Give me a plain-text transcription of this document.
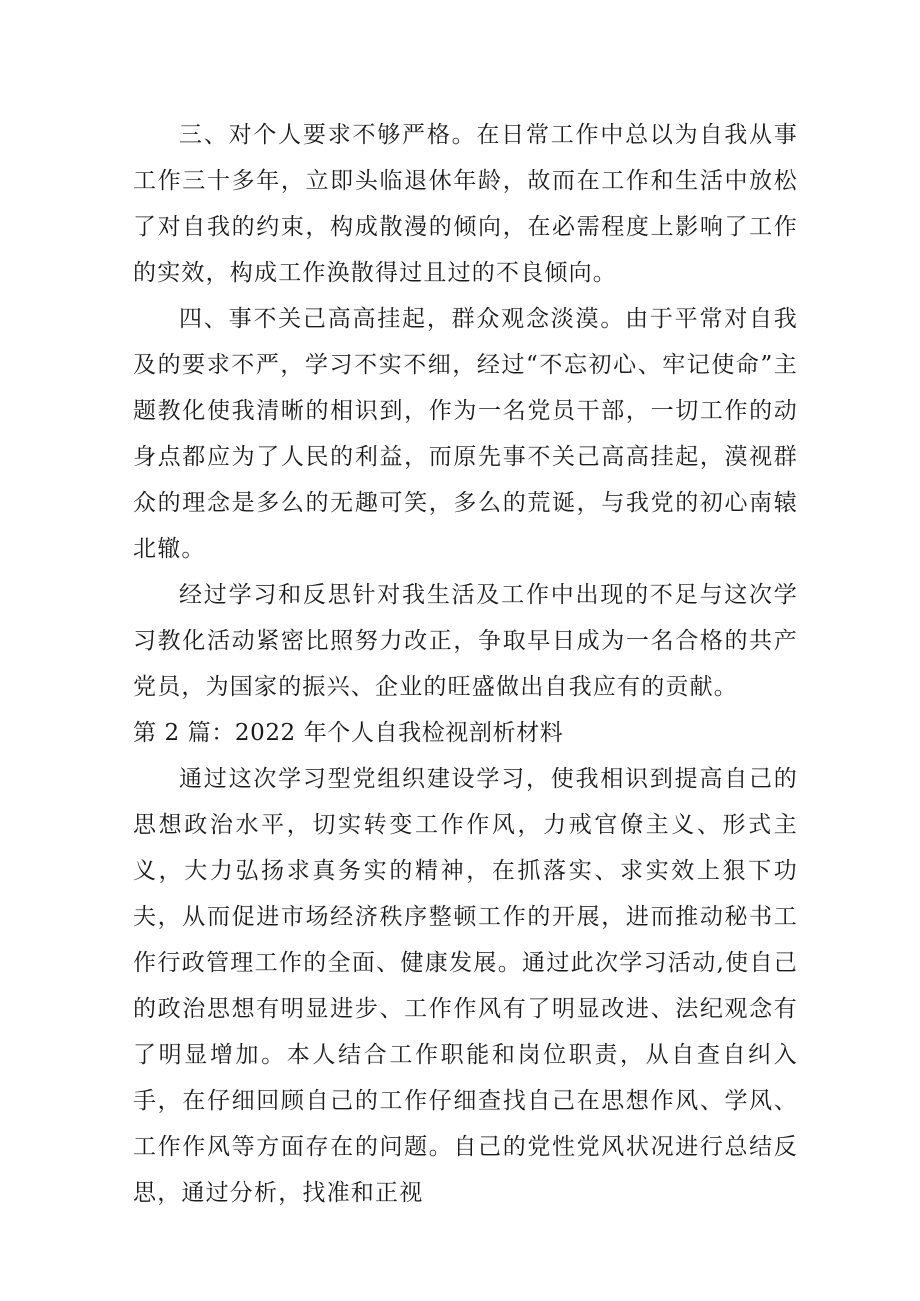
三、对个人要求不够严格。在日常工作中总以为自我从事工作三十多年，立即头临退休年龄，故而在工作和生活中放松了对自我的约束，构成散漫的倾向，在必需程度上影响了工作的实效，构成工作涣散得过且过的不良倾向。

四、事不关己高高挂起，群众观念淡漠。由于平常对自我及的要求不严，学习不实不细，经过“不忘初心、牢记使命”主题教化使我清晰的相识到，作为一名党员干部，一切工作的动身点都应为了人民的利益，而原先事不关己高高挂起，漠视群众的理念是多么的无趣可笑，多么的荒诞，与我党的初心南辕北辙。

经过学习和反思针对我生活及工作中出现的不足与这次学习教化活动紧密比照努力改正，争取早日成为一名合格的共产党员，为国家的振兴、企业的旺盛做出自我应有的贡献。

第 2 篇：2022 年个人自我检视剖析材料

通过这次学习型党组织建设学习，使我相识到提高自己的思想政治水平，切实转变工作作风，力戒官僚主义、形式主义，大力弘扬求真务实的精神，在抓落实、求实效上狠下功夫，从而促进市场经济秩序整顿工作的开展，进而推动秘书工作行政管理工作的全面、健康发展。通过此次学习活动,使自己的政治思想有明显进步、工作作风有了明显改进、法纪观念有了明显增加。本人结合工作职能和岗位职责，从自查自纠入手，在仔细回顾自己的工作仔细查找自己在思想作风、学风、工作作风等方面存在的问题。自己的党性党风状况进行总结反思，通过分析，找准和正视
